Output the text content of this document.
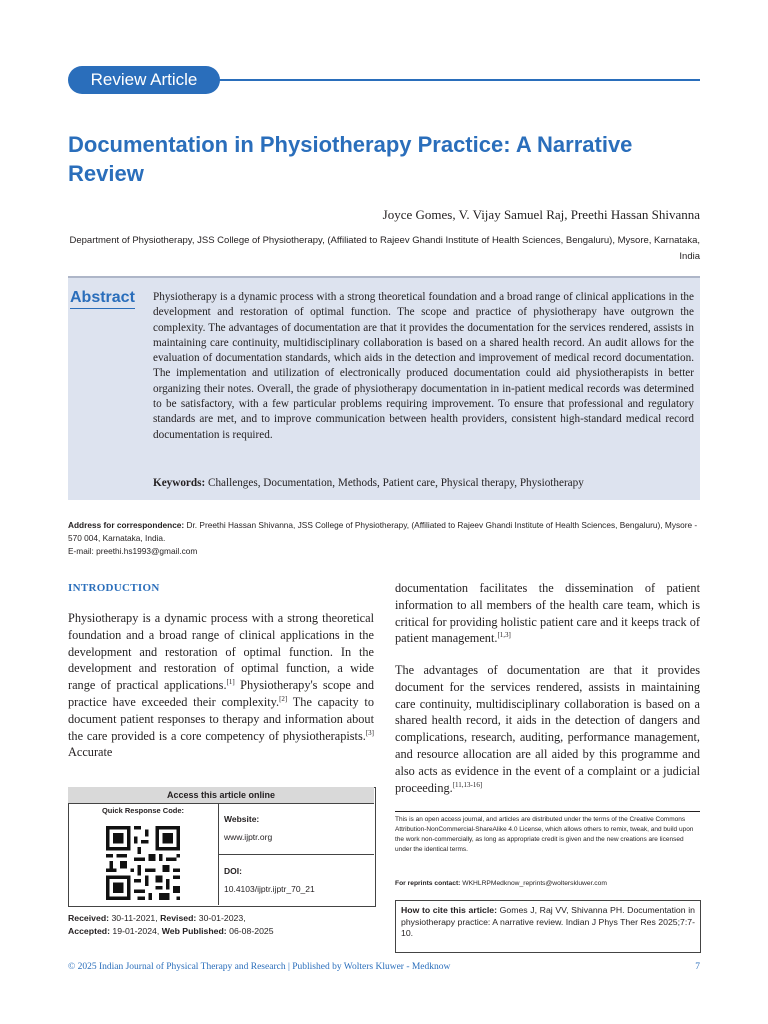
Review Article
Documentation in Physiotherapy Practice: A Narrative Review
Joyce Gomes, V. Vijay Samuel Raj, Preethi Hassan Shivanna
Department of Physiotherapy, JSS College of Physiotherapy, (Affiliated to Rajeev Ghandi Institute of Health Sciences, Bengaluru), Mysore, Karnataka, India
Abstract Physiotherapy is a dynamic process with a strong theoretical foundation and a broad range of clinical applications in the development and restoration of optimal function. The scope and practice of physiotherapy have outgrown the complexity. The advantages of documentation are that it provides the documentation for the services rendered, assists in maintaining care continuity, multidisciplinary collaboration is based on a shared health record. An audit allows for the evaluation of documentation standards, which aids in the detection and improvement of medical record documentation. The implementation and utilization of electronically produced documentation could aid physiotherapists in better organizing their notes. Overall, the grade of physiotherapy documentation in in-patient medical records was determined to be satisfactory, with a few particular problems requiring improvement. To ensure that professional and regulatory standards are met, and to improve communication between health providers, consistent high-standard medical record documentation is required.
Keywords: Challenges, Documentation, Methods, Patient care, Physical therapy, Physiotherapy
Address for correspondence: Dr. Preethi Hassan Shivanna, JSS College of Physiotherapy, (Affiliated to Rajeev Ghandi Institute of Health Sciences, Bengaluru), Mysore - 570 004, Karnataka, India.
E-mail: preethi.hs1993@gmail.com
INTRODUCTION
Physiotherapy is a dynamic process with a strong theoretical foundation and a broad range of clinical applications in the development and restoration of optimal function. In the development and restoration of optimal function, a wide range of practical applications.[1] Physiotherapy's scope and practice have exceeded their complexity.[2] The capacity to document patient responses to therapy and information about the care provided is a core competency of physiotherapists.[3] Accurate
documentation facilitates the dissemination of patient information to all members of the health care team, which is critical for providing holistic patient care and it keeps track of patient management.[1,3]
The advantages of documentation are that it provides document for the services rendered, assists in maintaining care continuity, multidisciplinary collaboration is based on a shared health record, it aids in the detection of dangers and complications, research, auditing, performance management, and resource allocation are all aided by this programme and also acts as evidence in the event of a complaint or a judicial proceeding.[11,13-16]
Access this article online
Quick Response Code:
Website:
www.ijptr.org
DOI:
10.4103/ijptr.ijptr_70_21
Received: 30-11-2021, Revised: 30-01-2023,
Accepted: 19-01-2024, Web Published: 06-08-2025
This is an open access journal, and articles are distributed under the terms of the Creative Commons Attribution-NonCommercial-ShareAlike 4.0 License, which allows others to remix, tweak, and build upon the work non-commercially, as long as appropriate credit is given and the new creations are licensed under the identical terms.
For reprints contact: WKHLRPMedknow_reprints@wolterskluwer.com
How to cite this article: Gomes J, Raj VV, Shivanna PH. Documentation in physiotherapy practice: A narrative review. Indian J Phys Ther Res 2025;7:7-10.
© 2025 Indian Journal of Physical Therapy and Research | Published by Wolters Kluwer - Medknow	7
